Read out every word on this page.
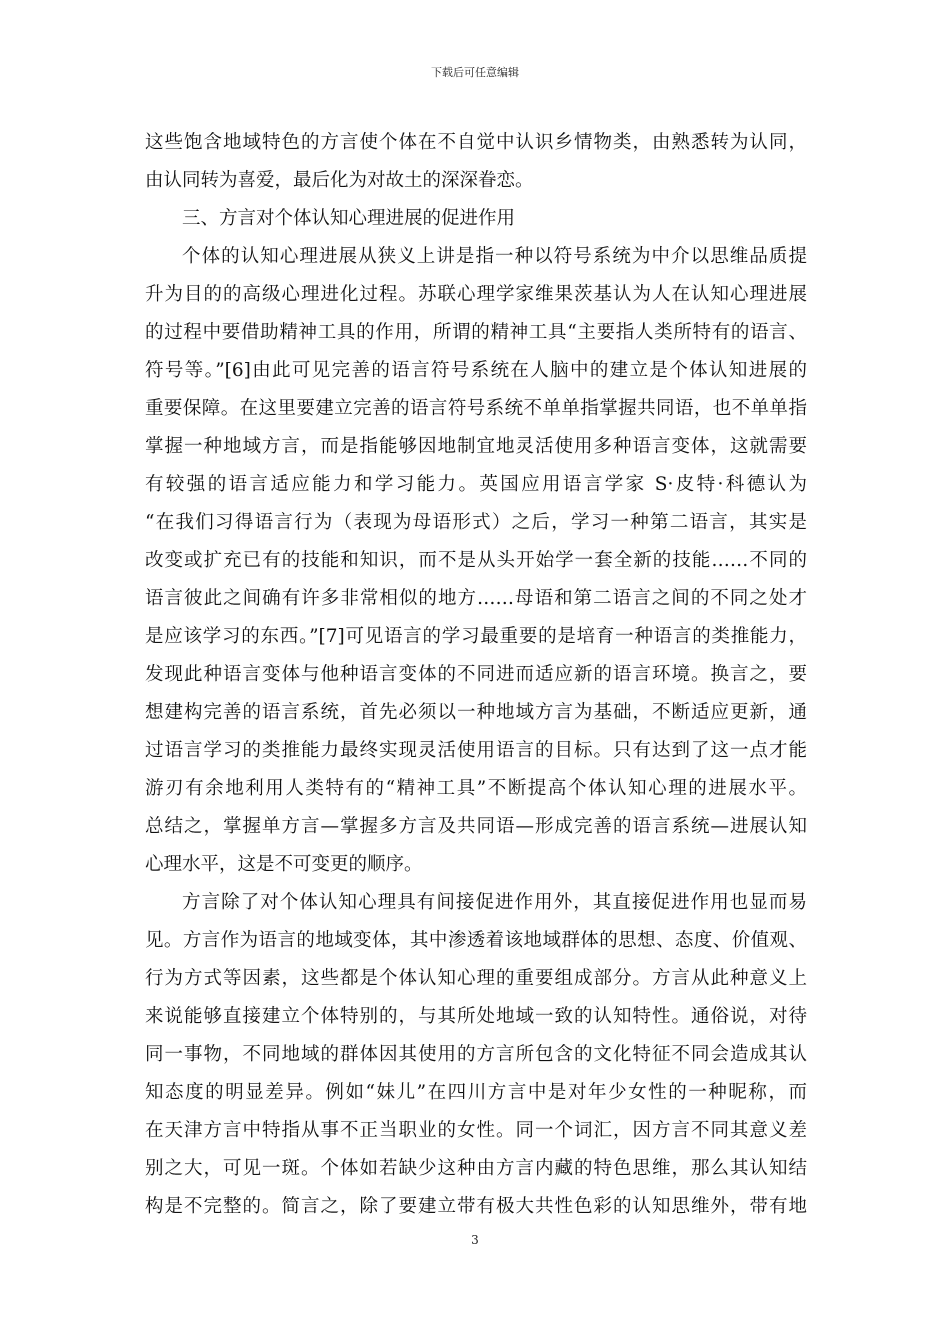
下载后可任意编辑
这些饱含地域特色的方言使个体在不自觉中认识乡情物类，由熟悉转为认同，
由认同转为喜爱，最后化为对故土的深深眷恋。
三、方言对个体认知心理进展的促进作用
个体的认知心理进展从狭义上讲是指一种以符号系统为中介以思维品质提
升为目的的高级心理进化过程。苏联心理学家维果茨基认为人在认知心理进展
的过程中要借助精神工具的作用，所谓的精神工具“主要指人类所特有的语言、
符号等。”[6]由此可见完善的语言符号系统在人脑中的建立是个体认知进展的
重要保障。在这里要建立完善的语言符号系统不单单指掌握共同语，也不单单指
掌握一种地域方言，而是指能够因地制宜地灵活使用多种语言变体，这就需要
有较强的语言适应能力和学习能力。英国应用语言学家 S·皮特·科德认为
“在我们习得语言行为（表现为母语形式）之后，学习一种第二语言，其实是
改变或扩充已有的技能和知识，而不是从头开始学一套全新的技能……不同的
语言彼此之间确有许多非常相似的地方……母语和第二语言之间的不同之处才
是应该学习的东西。”[7]可见语言的学习最重要的是培育一种语言的类推能力，
发现此种语言变体与他种语言变体的不同进而适应新的语言环境。换言之，要
想建构完善的语言系统，首先必须以一种地域方言为基础，不断适应更新，通
过语言学习的类推能力最终实现灵活使用语言的目标。只有达到了这一点才能
游刃有余地利用人类特有的“精神工具”不断提高个体认知心理的进展水平。
总结之，掌握单方言—掌握多方言及共同语—形成完善的语言系统—进展认知
心理水平，这是不可变更的顺序。
方言除了对个体认知心理具有间接促进作用外，其直接促进作用也显而易
见。方言作为语言的地域变体，其中渗透着该地域群体的思想、态度、价值观、
行为方式等因素，这些都是个体认知心理的重要组成部分。方言从此种意义上
来说能够直接建立个体特别的，与其所处地域一致的认知特性。通俗说，对待
同一事物，不同地域的群体因其使用的方言所包含的文化特征不同会造成其认
知态度的明显差异。例如“妹儿”在四川方言中是对年少女性的一种昵称，而
在天津方言中特指从事不正当职业的女性。同一个词汇，因方言不同其意义差
别之大，可见一斑。个体如若缺少这种由方言内藏的特色思维，那么其认知结
构是不完整的。简言之，除了要建立带有极大共性色彩的认知思维外，带有地
3
